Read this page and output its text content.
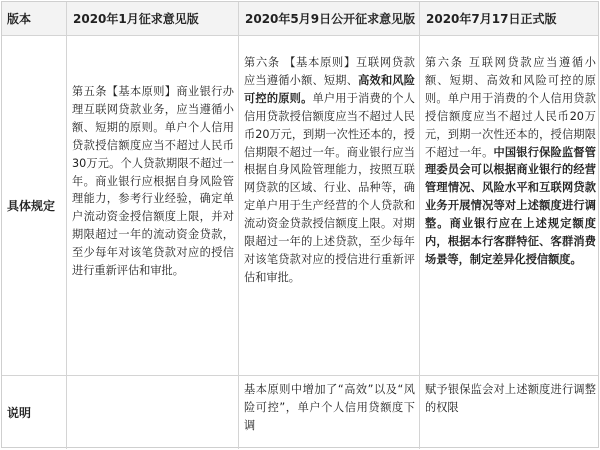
版本	2020年1月征求意见版	2020年5月9日公开征求意见版 2020年7月17日正式版
具体规定
第五条【基本原则】商业银行办理互联网贷款业务，应当遵循小额、短期的原则。单户个人信用贷款授信额度应当不超过人民币30万元。个人贷款期限不超过一年。商业银行应根据自身风险管理能力，参考行业经验，确定单户流动资金授信额度上限，并对期限超过一年的流动资金贷款，至少每年对该笔贷款对应的授信进行重新评估和审批。
第六条 【基本原则】互联网贷款应当遵循小额、短期、高效和风险可控的原则。单户用于消费的个人信用贷款授信额度应当不超过人民币20万元，到期一次性还本的，授信期限不超过一年。商业银行应当根据自身风险管理能力，按照互联网贷款的区域、行业、品种等，确定单户用于生产经营的个人贷款和流动资金贷款授信额度上限。对期限超过一年的上述贷款，至少每年对该笔贷款对应的授信进行重新评估和审批。
第六条 互联网贷款应当遵循小额、短期、高效和风险可控的原则。单户用于消费的个人信用贷款授信额度应当不超过人民币20万元，到期一次性还本的，授信期限不超过一年。中国银行保险监督管理委员会可以根据商业银行的经营管理情况、风险水平和互联网贷款业务开展情况等对上述额度进行调整。商业银行应在上述规定额度内，根据本行客群特征、客群消费场景等，制定差异化授信额度。
说明
基本原则中增加了“高效”以及“风险可控”，单户个人信用贷额度下调
赋予银保监会对上述额度进行调整的权限
